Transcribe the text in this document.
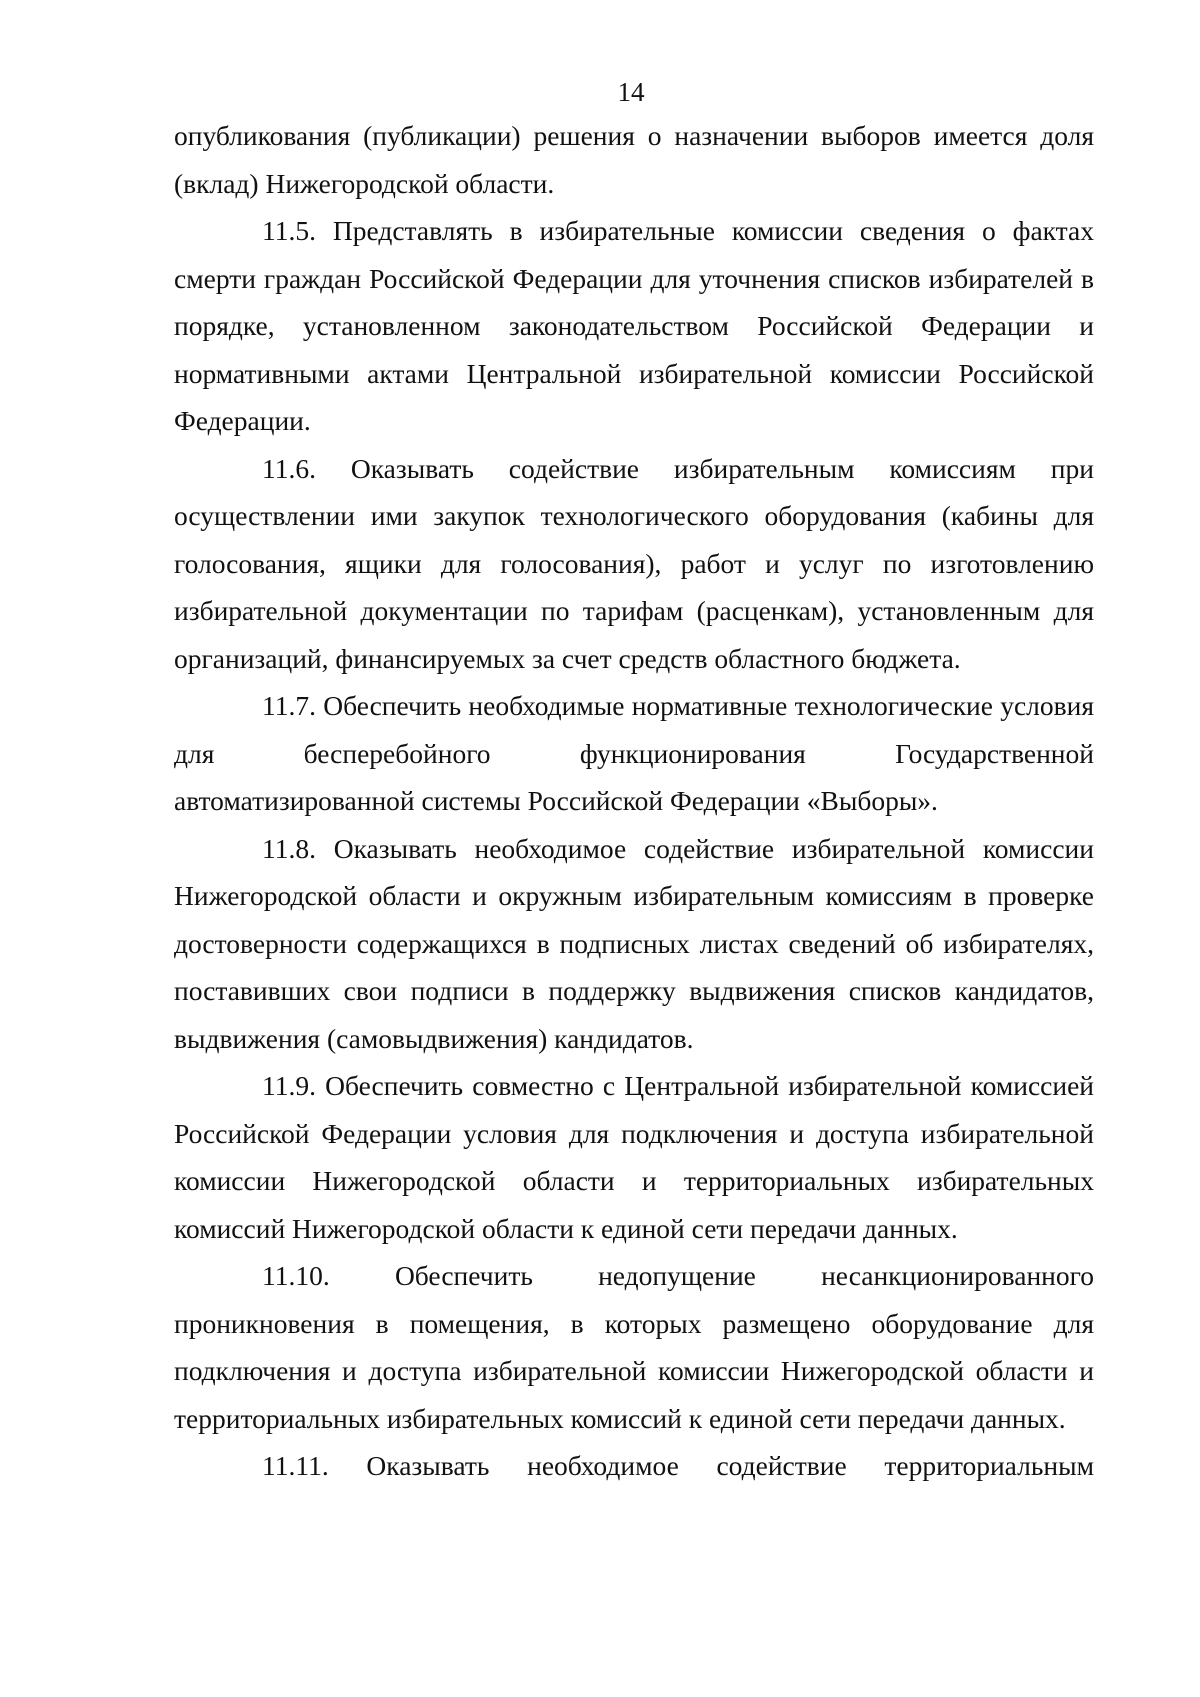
14

опубликования (публикации) решения о назначении выборов имеется доля (вклад) Нижегородской области.

11.5. Представлять в избирательные комиссии сведения о фактах смерти граждан Российской Федерации для уточнения списков избирателей в порядке, установленном законодательством Российской Федерации и нормативными актами Центральной избирательной комиссии Российской Федерации.

11.6. Оказывать содействие избирательным комиссиям при осуществлении ими закупок технологического оборудования (кабины для голосования, ящики для голосования), работ и услуг по изготовлению избирательной документации по тарифам (расценкам), установленным для организаций, финансируемых за счет средств областного бюджета.

11.7. Обеспечить необходимые нормативные технологические условия для бесперебойного функционирования Государственной автоматизированной системы Российской Федерации «Выборы».

11.8. Оказывать необходимое содействие избирательной комиссии Нижегородской области и окружным избирательным комиссиям в проверке достоверности содержащихся в подписных листах сведений об избирателях, поставивших свои подписи в поддержку выдвижения списков кандидатов, выдвижения (самовыдвижения) кандидатов.

11.9. Обеспечить совместно с Центральной избирательной комиссией Российской Федерации условия для подключения и доступа избирательной комиссии Нижегородской области и территориальных избирательных комиссий Нижегородской области к единой сети передачи данных.

11.10. Обеспечить недопущение несанкционированного проникновения в помещения, в которых размещено оборудование для подключения и доступа избирательной комиссии Нижегородской области и территориальных избирательных комиссий к единой сети передачи данных.

11.11. Оказывать необходимое содействие территориальным
